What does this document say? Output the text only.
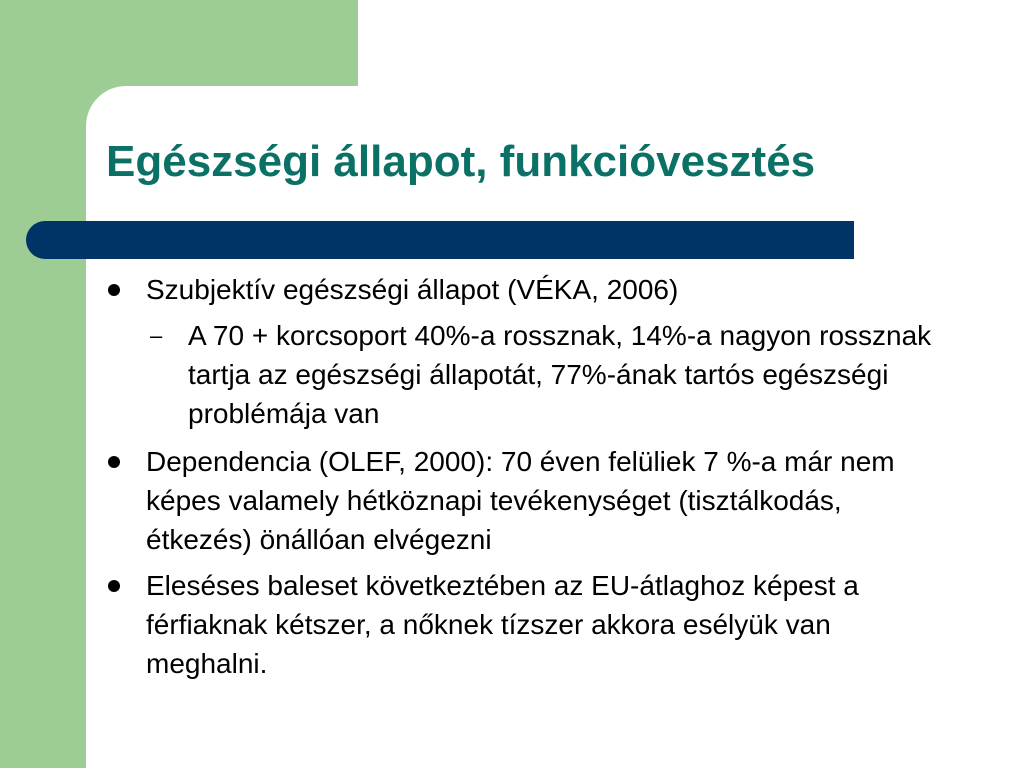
Egészségi állapot, funkcióvesztés
Szubjektív egészségi állapot (VÉKA, 2006)
– A 70 + korcsoport 40%-a rossznak, 14%-a nagyon rossznak tartja az egészségi állapotát, 77%-ának tartós egészségi problémája van
Dependencia (OLEF, 2000): 70 éven felüliek 7 %-a már nem képes valamely hétköznapi tevékenységet (tisztálkodás, étkezés) önállóan elvégezni
Eleséses baleset következtében az EU-átlaghoz képest a férfiaknak kétszer, a nőknek tízszer akkora esélyük van meghalni.
